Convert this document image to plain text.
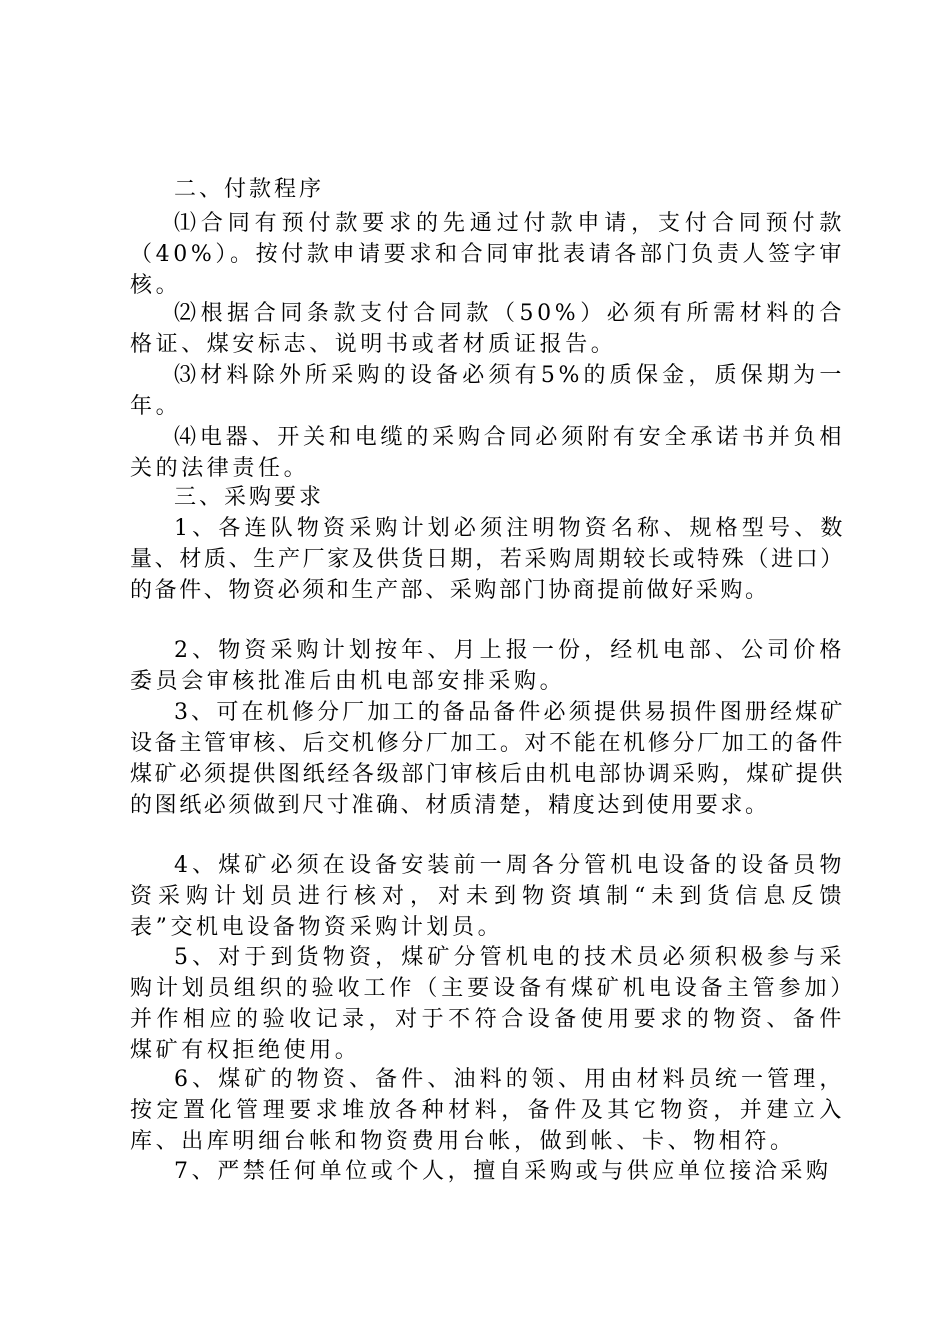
二、付款程序

⑴合同有预付款要求的先通过付款申请，支付合同预付款（40%）。按付款申请要求和合同审批表请各部门负责人签字审核。

⑵根据合同条款支付合同款（50%）必须有所需材料的合格证、煤安标志、说明书或者材质证报告。

⑶材料除外所采购的设备必须有5%的质保金，质保期为一年。

⑷电器、开关和电缆的采购合同必须附有安全承诺书并负相关的法律责任。

三、采购要求

1、各连队物资采购计划必须注明物资名称、规格型号、数量、材质、生产厂家及供货日期，若采购周期较长或特殊（进口）的备件、物资必须和生产部、采购部门协商提前做好采购。

2、物资采购计划按年、月上报一份，经机电部、公司价格委员会审核批准后由机电部安排采购。

3、可在机修分厂加工的备品备件必须提供易损件图册经煤矿设备主管审核、后交机修分厂加工。对不能在机修分厂加工的备件煤矿必须提供图纸经各级部门审核后由机电部协调采购，煤矿提供的图纸必须做到尺寸准确、材质清楚，精度达到使用要求。

4、煤矿必须在设备安装前一周各分管机电设备的设备员物资采购计划员进行核对，对未到物资填制“未到货信息反馈表”交机电设备物资采购计划员。

5、对于到货物资，煤矿分管机电的技术员必须积极参与采购计划员组织的验收工作（主要设备有煤矿机电设备主管参加）并作相应的验收记录，对于不符合设备使用要求的物资、备件煤矿有权拒绝使用。

6、煤矿的物资、备件、油料的领、用由材料员统一管理，按定置化管理要求堆放各种材料，备件及其它物资，并建立入库、出库明细台帐和物资费用台帐，做到帐、卡、物相符。

7、严禁任何单位或个人，擅自采购或与供应单位接洽采购
